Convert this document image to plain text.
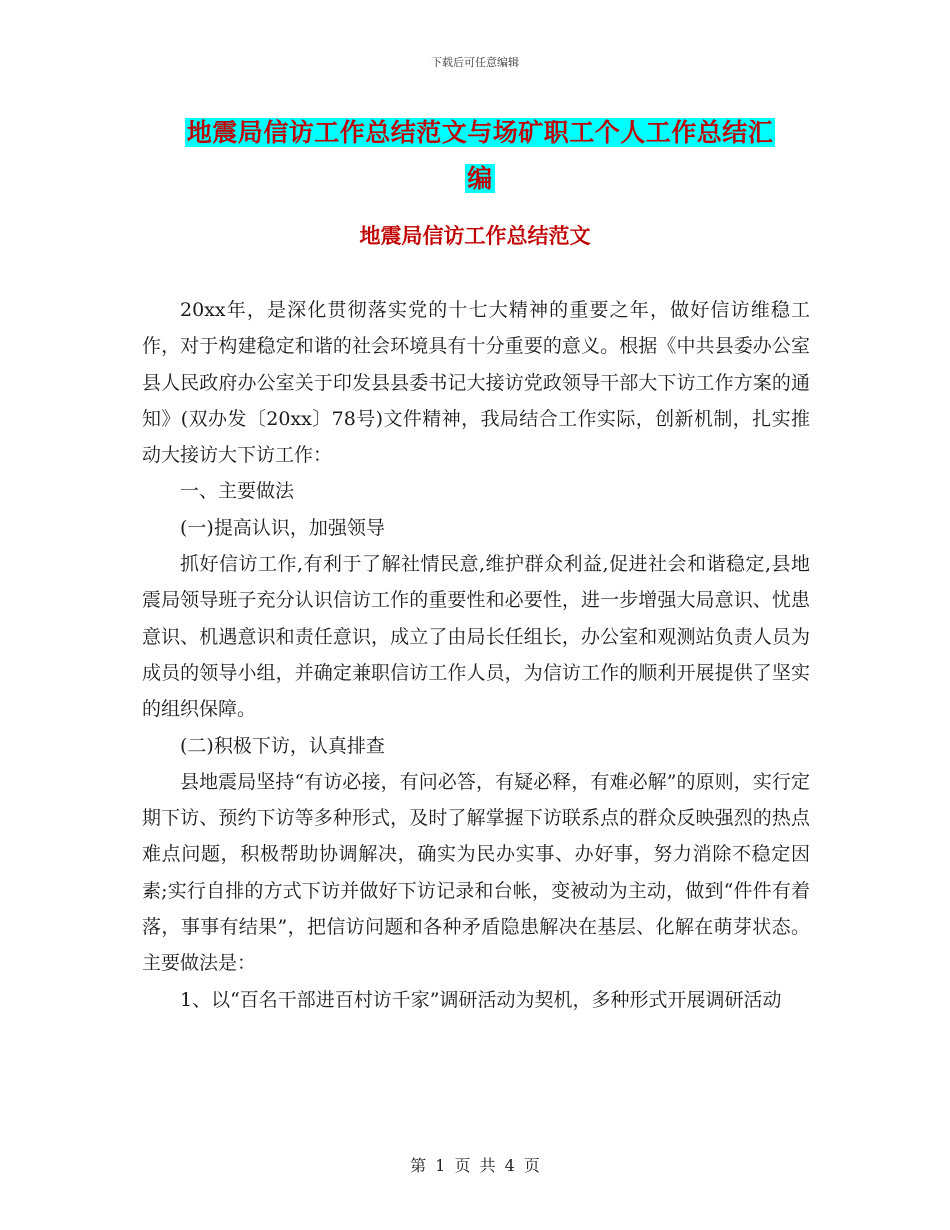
下载后可任意编辑
地震局信访工作总结范文与场矿职工个人工作总结汇
编
地震局信访工作总结范文

20xx年，是深化贯彻落实党的十七大精神的重要之年，做好信访维稳工作，对于构建稳定和谐的社会环境具有十分重要的意义。根据《中共县委办公室县人民政府办公室关于印发县县委书记大接访党政领导干部大下访工作方案的通知》(双办发〔20xx〕78号)文件精神，我局结合工作实际，创新机制，扎实推动大接访大下访工作：

一、主要做法

(一)提高认识，加强领导

抓好信访工作,有利于了解社情民意,维护群众利益,促进社会和谐稳定,县地震局领导班子充分认识信访工作的重要性和必要性，进一步增强大局意识、忧患意识、机遇意识和责任意识，成立了由局长任组长，办公室和观测站负责人员为成员的领导小组，并确定兼职信访工作人员，为信访工作的顺利开展提供了坚实的组织保障。

(二)积极下访，认真排查

县地震局坚持“有访必接，有问必答，有疑必释，有难必解”的原则，实行定期下访、预约下访等多种形式，及时了解掌握下访联系点的群众反映强烈的热点难点问题，积极帮助协调解决，确实为民办实事、办好事，努力消除不稳定因素;实行自排的方式下访并做好下访记录和台帐，变被动为主动，做到“件件有着落，事事有结果”，把信访问题和各种矛盾隐患解决在基层、化解在萌芽状态。主要做法是：

1、以“百名干部进百村访千家”调研活动为契机，多种形式开展调研活动

第 1 页 共 4 页
